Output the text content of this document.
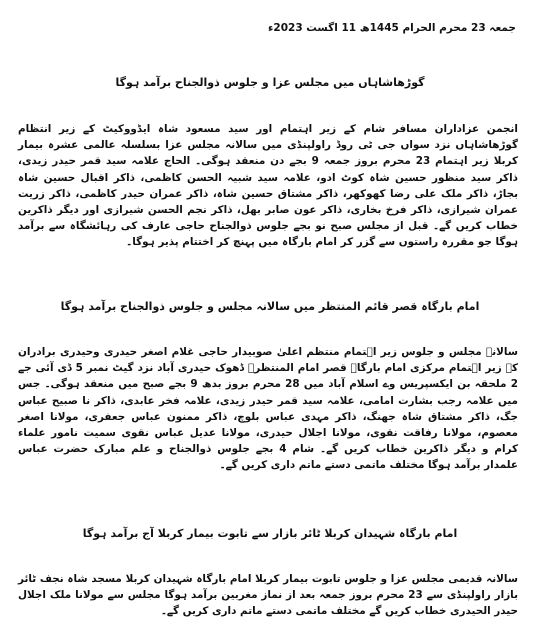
جمعہ 23 محرم الحرام 1445ھ 11 اگست 2023ء
گوڑھاشاہاں میں مجلس عزا و جلوس ذوالجناح برآمد ہوگا
انجمن عزاداران مسافر شام کے زیر اہتمام اور سید مسعود شاہ ایڈووکیٹ کے زیر انتظام گوڑھاشاہاں نزد سواں جی ٹی روڈ راولپنڈی میں سالانہ مجلس عزا بسلسلہ عالمی عشرہ بیمار کربلا زیر اہتمام 23 محرم بروز جمعہ 9 بجے دن منعقد ہوگی۔ الحاج علامہ سید قمر حیدر زیدی، ذاکر سید منظور حسین شاہ کوٹ ادو، علامہ سید شبیہ الحسن کاظمی، ذاکر اقبال حسین شاہ بجاڑ، ذاکر ملک علی رضا کھوکھر، ذاکر مشتاق حسین شاہ، ذاکر عمران حیدر کاظمی، ذاکر زریت عمران شیرازی، ذاکر فرخ بخاری، ذاکر عون صابر بھل، ذاکر نجم الحسن شیرازی اور دیگر ذاکرین خطاب کریں گے۔ قبل از مجلس صبح نو بجے جلوس ذوالجناح حاجی عارف کی رہائشگاہ سے برآمد ہوگا جو مقررہ راستوں سے گزر کر امام بارگاہ میں پہنچ کر اختتام پذیر ہوگا۔
امام بارگاہ قصر قائم المنتظر میں سالانہ مجلس و جلوس ذوالجناح برآمد ہوگا
سالانہ مجلس و جلوس زیر اہتمام منتظم اعلیٰ صوبیدار حاجی غلام اصغر حیدری وحیدری برادران کے زیر اہتمام مرکزی امام بارگاہ قصر امام المنتظرؑ ڈھوک حیدری آباد نزد گیٹ نمبر 5 ڈی آئی جے 2 ملحقہ بن ایکسپریس وے اسلام آباد میں 28 محرم بروز بدھ 9 بجے صبح میں منعقد ہوگی۔ جس میں علامہ رجب بشارت امامی، علامہ سید قمر حیدر زیدی، علامہ فخر عابدی، ذاکر نا صبیح عباس جگ، ذاکر مشتاق شاہ جھنگ، ذاکر مہدی عباس بلوچ، ذاکر ممنون عباس جعفری، مولانا اصغر معصوم، مولانا رفاقت نقوی، مولانا اجلال حیدری، مولانا عدیل عباس نقوی سمیت نامور علماء کرام و دیگر ذاکرین خطاب کریں گے۔ شام 4 بجے جلوس ذوالجناح و علم مبارک حضرت عباس علمدار برآمد ہوگا مختلف ماتمی دستے ماتم داری کریں گے۔
امام بارگاہ شہیدان کربلا ٹائر بازار سے تابوت بیمار کربلا آج برآمد ہوگا
سالانہ قدیمی مجلس عزا و جلوس تابوت بیمار کربلا امام بارگاہ شہیدان کربلا مسجد شاہ نجف ٹائر بازار راولپنڈی سے 23 محرم بروز جمعہ بعد از نماز مغربین برآمد ہوگا مجلس سے مولانا ملک اجلال حیدر الحیدری خطاب کریں گے مختلف ماتمی دستے ماتم داری کریں گے۔
